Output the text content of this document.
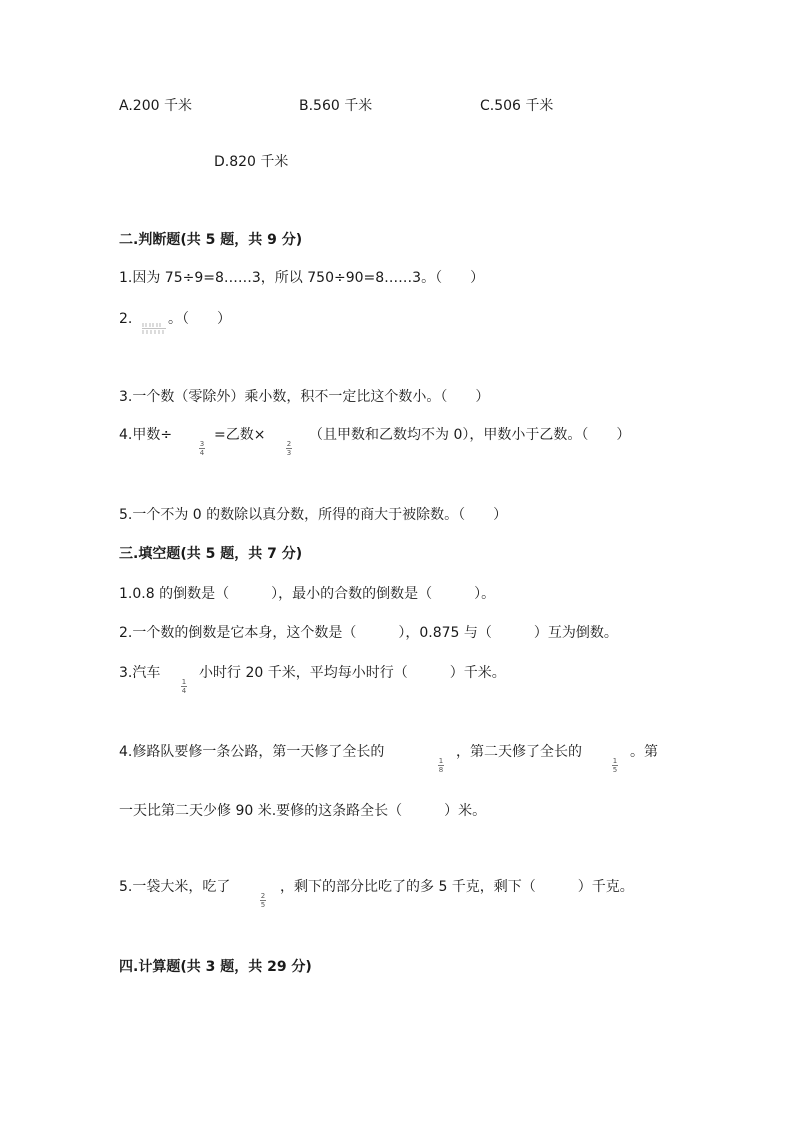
A.200 千米	B.560 千米	C.506 千米
D.820 千米
二.判断题(共 5 题，共 9 分)
1.因为 75÷9=8……3，所以 750÷90=8……3。（　　）
2.	。（　　）
3.一个数（零除外）乘小数，积不一定比这个数小。（　　）
4.甲数÷
3
4
=乙数×
2
3
（且甲数和乙数均不为 0），甲数小于乙数。（　　）
5.一个不为 0 的数除以真分数，所得的商大于被除数。（　　）
三.填空题(共 5 题，共 7 分)
1.0.8 的倒数是（　　　），最小的合数的倒数是（　　　）。
2.一个数的倒数是它本身，这个数是（　　　），0.875 与（　　　）互为倒数。
3.汽车
1
4
小时行 20 千米，平均每小时行（　　　）千米。
4.修路队要修一条公路，第一天修了全长的
1
8
，第二天修了全长的
1
5
。第
一天比第二天少修 90 米.要修的这条路全长（　　　）米。
5.一袋大米，吃了
2
5
，剩下的部分比吃了的多 5 千克，剩下（　　　）千克。
四.计算题(共 3 题，共 29 分)
